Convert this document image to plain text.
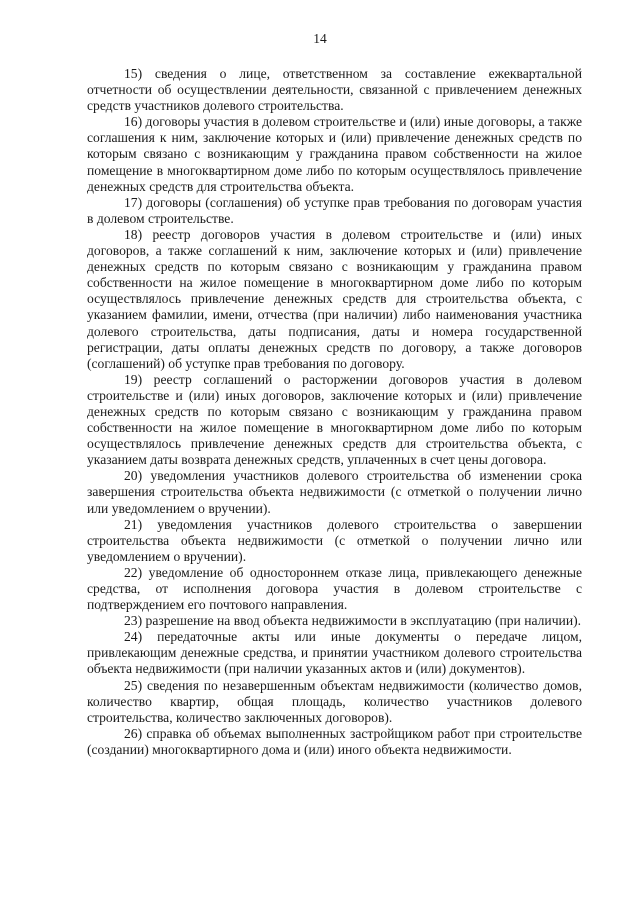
14

15) сведения о лице, ответственном за составление ежеквартальной отчетности об осуществлении деятельности, связанной с привлечением денежных средств участников долевого строительства.

16) договоры участия в долевом строительстве и (или) иные договоры, а также соглашения к ним, заключение которых и (или) привлечение денежных средств по которым связано с возникающим у гражданина правом собственности на жилое помещение в многоквартирном доме либо по которым осуществлялось привлечение денежных средств для строительства объекта.

17) договоры (соглашения) об уступке прав требования по договорам участия в долевом строительстве.

18) реестр договоров участия в долевом строительстве и (или) иных договоров, а также соглашений к ним, заключение которых и (или) привлечение денежных средств по которым связано с возникающим у гражданина правом собственности на жилое помещение в многоквартирном доме либо по которым осуществлялось привлечение денежных средств для строительства объекта, с указанием фамилии, имени, отчества (при наличии) либо наименования участника долевого строительства, даты подписания, даты и номера государственной регистрации, даты оплаты денежных средств по договору, а также договоров (соглашений) об уступке прав требования по договору.

19) реестр соглашений о расторжении договоров участия в долевом строительстве и (или) иных договоров, заключение которых и (или) привлечение денежных средств по которым связано с возникающим у гражданина правом собственности на жилое помещение в многоквартирном доме либо по которым осуществлялось привлечение денежных средств для строительства объекта, с указанием даты возврата денежных средств, уплаченных в счет цены договора.

20) уведомления участников долевого строительства об изменении срока завершения строительства объекта недвижимости (с отметкой о получении лично или уведомлением о вручении).

21) уведомления участников долевого строительства о завершении строительства объекта недвижимости (с отметкой о получении лично или уведомлением о вручении).

22) уведомление об одностороннем отказе лица, привлекающего денежные средства, от исполнения договора участия в долевом строительстве с подтверждением его почтового направления.

23) разрешение на ввод объекта недвижимости в эксплуатацию (при наличии).

24) передаточные акты или иные документы о передаче лицом, привлекающим денежные средства, и принятии участником долевого строительства объекта недвижимости (при наличии указанных актов и (или) документов).

25) сведения по незавершенным объектам недвижимости (количество домов, количество квартир, общая площадь, количество участников долевого строительства, количество заключенных договоров).

26) справка об объемах выполненных застройщиком работ при строительстве (создании) многоквартирного дома и (или) иного объекта недвижимости.
